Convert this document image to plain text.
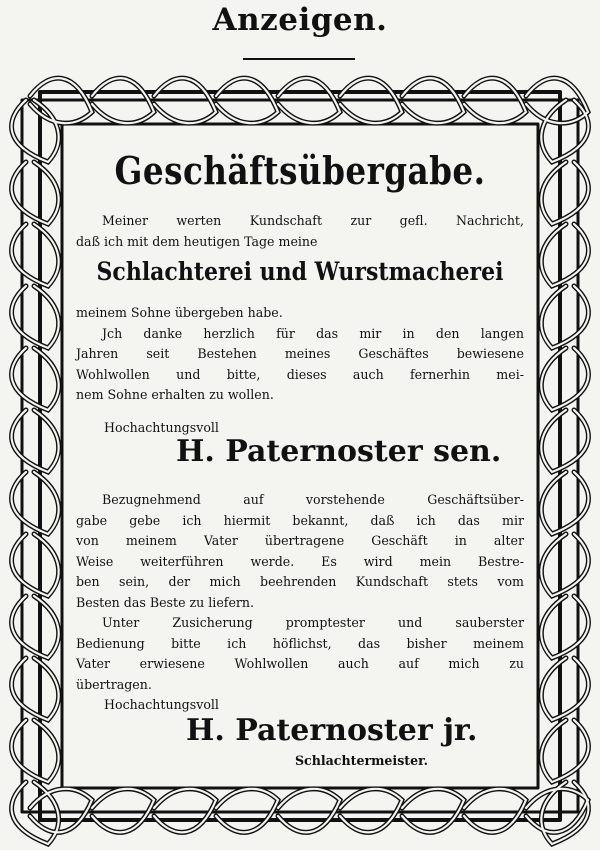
Anzeigen.
Geschäftsübergabe.
Meiner werten Kundschaft zur gefl. Nachricht,
daß ich mit dem heutigen Tage meine
Schlachterei und Wurstmacherei
meinem Sohne übergeben habe.
Jch danke herzlich für das mir in den langen
Jahren seit Bestehen meines Geschäftes bewiesene
Wohlwollen und bitte, dieses auch fernerhin mei-
nem Sohne erhalten zu wollen.
Hochachtungsvoll
H. Paternoster sen.
Bezugnehmend auf vorstehende Geschäftsüber-
gabe gebe ich hiermit bekannt, daß ich das mir
von meinem Vater übertragene Geschäft in alter
Weise weiterführen werde. Es wird mein Bestre-
ben sein, der mich beehrenden Kundschaft stets vom
Besten das Beste zu liefern.
Unter Zusicherung promptester und sauberster
Bedienung bitte ich höflichst, das bisher meinem
Vater erwiesene Wohlwollen auch auf mich zu
übertragen.
Hochachtungsvoll
H. Paternoster jr.
Schlachtermeister.
